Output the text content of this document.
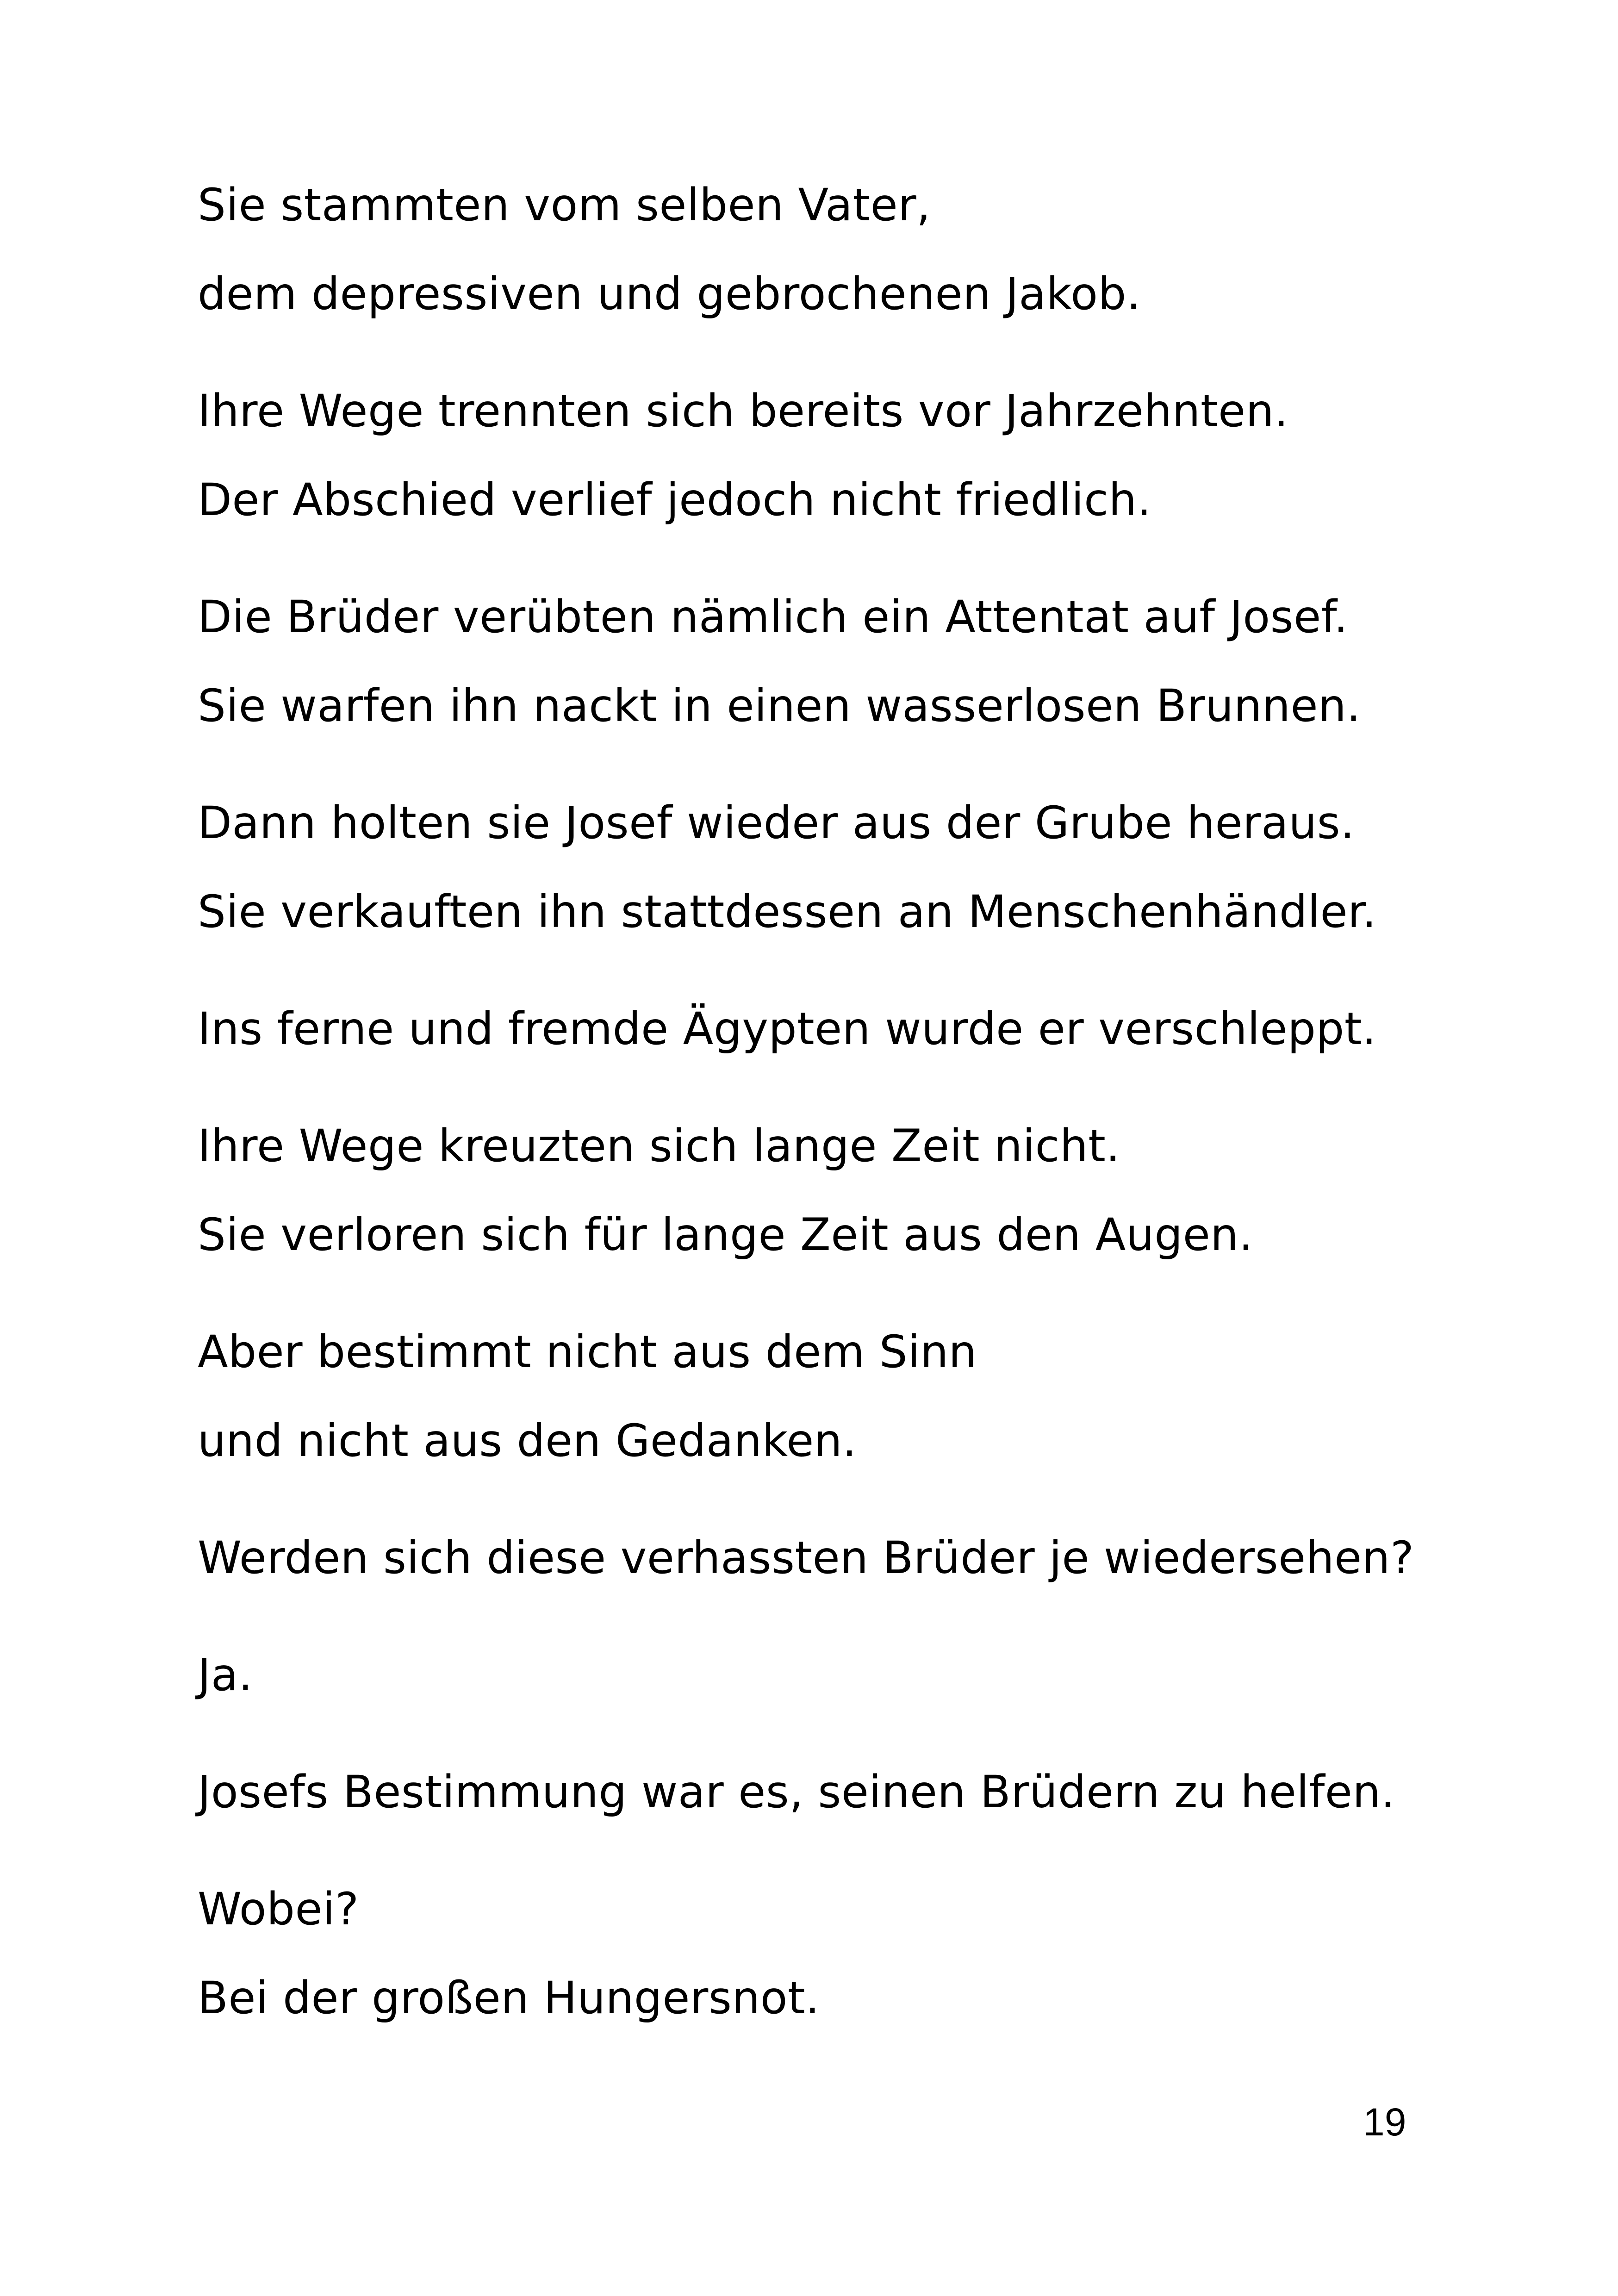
Sie stammten vom selben Vater,
dem depressiven und gebrochenen Jakob.
Ihre Wege trennten sich bereits vor Jahrzehnten.
Der Abschied verlief jedoch nicht friedlich.
Die Brüder verübten nämlich ein Attentat auf Josef.
Sie warfen ihn nackt in einen wasserlosen Brunnen.
Dann holten sie Josef wieder aus der Grube heraus.
Sie verkauften ihn stattdessen an Menschenhändler.
Ins ferne und fremde Ägypten wurde er verschleppt.
Ihre Wege kreuzten sich lange Zeit nicht.
Sie verloren sich für lange Zeit aus den Augen.
Aber bestimmt nicht aus dem Sinn
und nicht aus den Gedanken.
Werden sich diese verhassten Brüder je wiedersehen?
Ja.
Josefs Bestimmung war es, seinen Brüdern zu helfen.
Wobei?
Bei der großen Hungersnot.
19
